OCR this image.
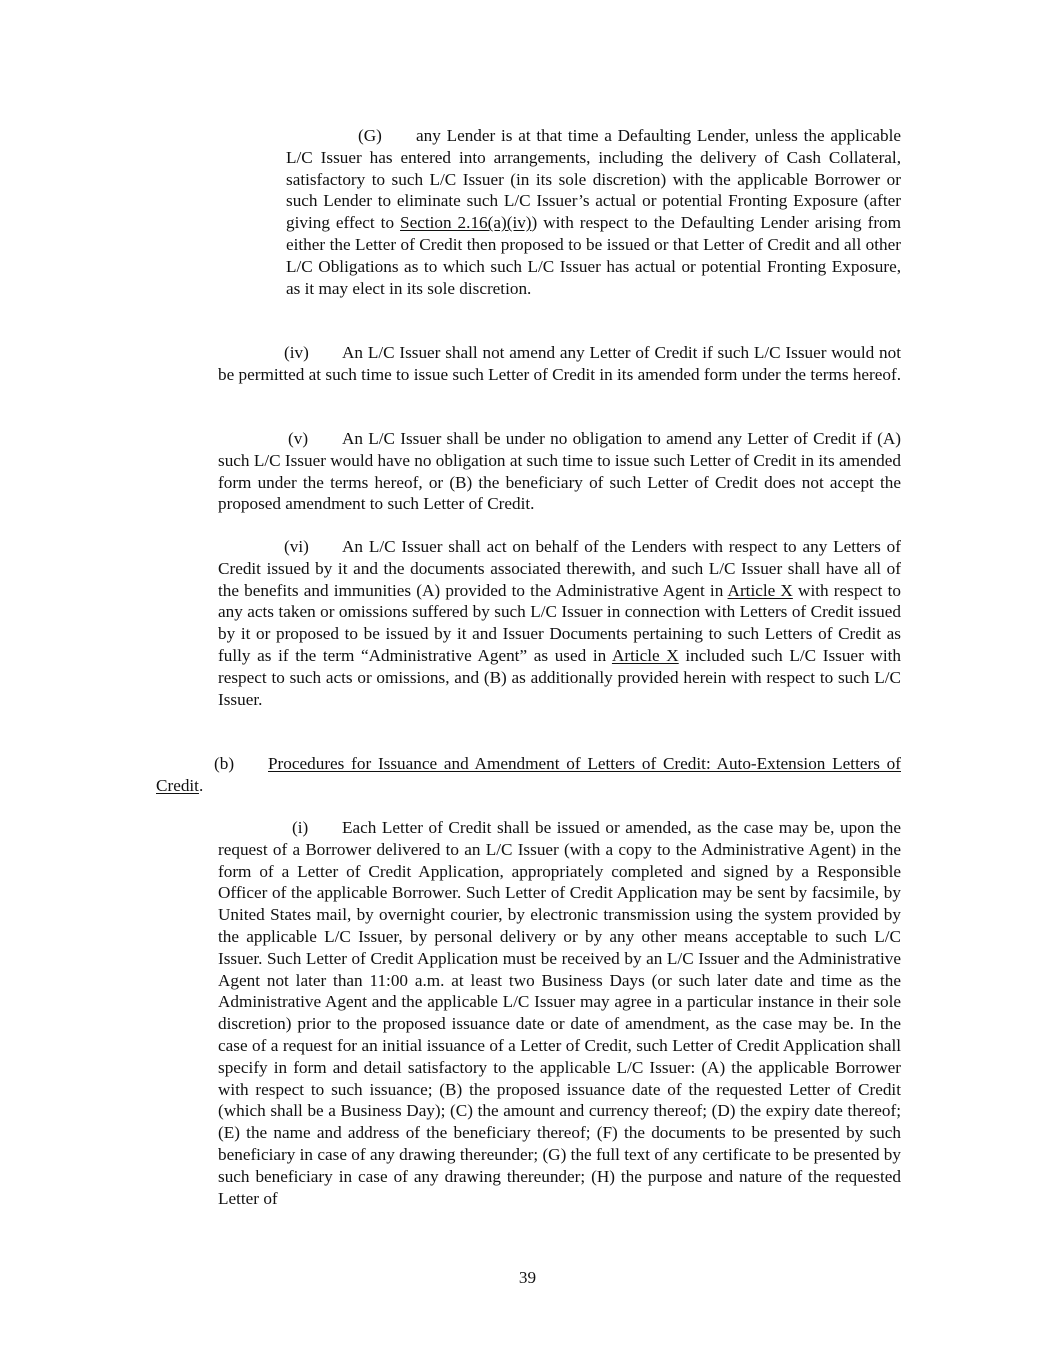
(G) any Lender is at that time a Defaulting Lender, unless the applicable L/C Issuer has entered into arrangements, including the delivery of Cash Collateral, satisfactory to such L/C Issuer (in its sole discretion) with the applicable Borrower or such Lender to eliminate such L/C Issuer’s actual or potential Fronting Exposure (after giving effect to Section 2.16(a)(iv)) with respect to the Defaulting Lender arising from either the Letter of Credit then proposed to be issued or that Letter of Credit and all other L/C Obligations as to which such L/C Issuer has actual or potential Fronting Exposure, as it may elect in its sole discretion.

(iv) An L/C Issuer shall not amend any Letter of Credit if such L/C Issuer would not be permitted at such time to issue such Letter of Credit in its amended form under the terms hereof.

(v) An L/C Issuer shall be under no obligation to amend any Letter of Credit if (A) such L/C Issuer would have no obligation at such time to issue such Letter of Credit in its amended form under the terms hereof, or (B) the beneficiary of such Letter of Credit does not accept the proposed amendment to such Letter of Credit.

(vi) An L/C Issuer shall act on behalf of the Lenders with respect to any Letters of Credit issued by it and the documents associated therewith, and such L/C Issuer shall have all of the benefits and immunities (A) provided to the Administrative Agent in Article X with respect to any acts taken or omissions suffered by such L/C Issuer in connection with Letters of Credit issued by it or proposed to be issued by it and Issuer Documents pertaining to such Letters of Credit as fully as if the term “Administrative Agent” as used in Article X included such L/C Issuer with respect to such acts or omissions, and (B) as additionally provided herein with respect to such L/C Issuer.

(b) Procedures for Issuance and Amendment of Letters of Credit: Auto-Extension Letters of Credit.

(i) Each Letter of Credit shall be issued or amended, as the case may be, upon the request of a Borrower delivered to an L/C Issuer (with a copy to the Administrative Agent) in the form of a Letter of Credit Application, appropriately completed and signed by a Responsible Officer of the applicable Borrower. Such Letter of Credit Application may be sent by facsimile, by United States mail, by overnight courier, by electronic transmission using the system provided by the applicable L/C Issuer, by personal delivery or by any other means acceptable to such L/C Issuer. Such Letter of Credit Application must be received by an L/C Issuer and the Administrative Agent not later than 11:00 a.m. at least two Business Days (or such later date and time as the Administrative Agent and the applicable L/C Issuer may agree in a particular instance in their sole discretion) prior to the proposed issuance date or date of amendment, as the case may be. In the case of a request for an initial issuance of a Letter of Credit, such Letter of Credit Application shall specify in form and detail satisfactory to the applicable L/C Issuer: (A) the applicable Borrower with respect to such issuance; (B) the proposed issuance date of the requested Letter of Credit (which shall be a Business Day); (C) the amount and currency thereof; (D) the expiry date thereof; (E) the name and address of the beneficiary thereof; (F) the documents to be presented by such beneficiary in case of any drawing thereunder; (G) the full text of any certificate to be presented by such beneficiary in case of any drawing thereunder; (H) the purpose and nature of the requested Letter of

39
